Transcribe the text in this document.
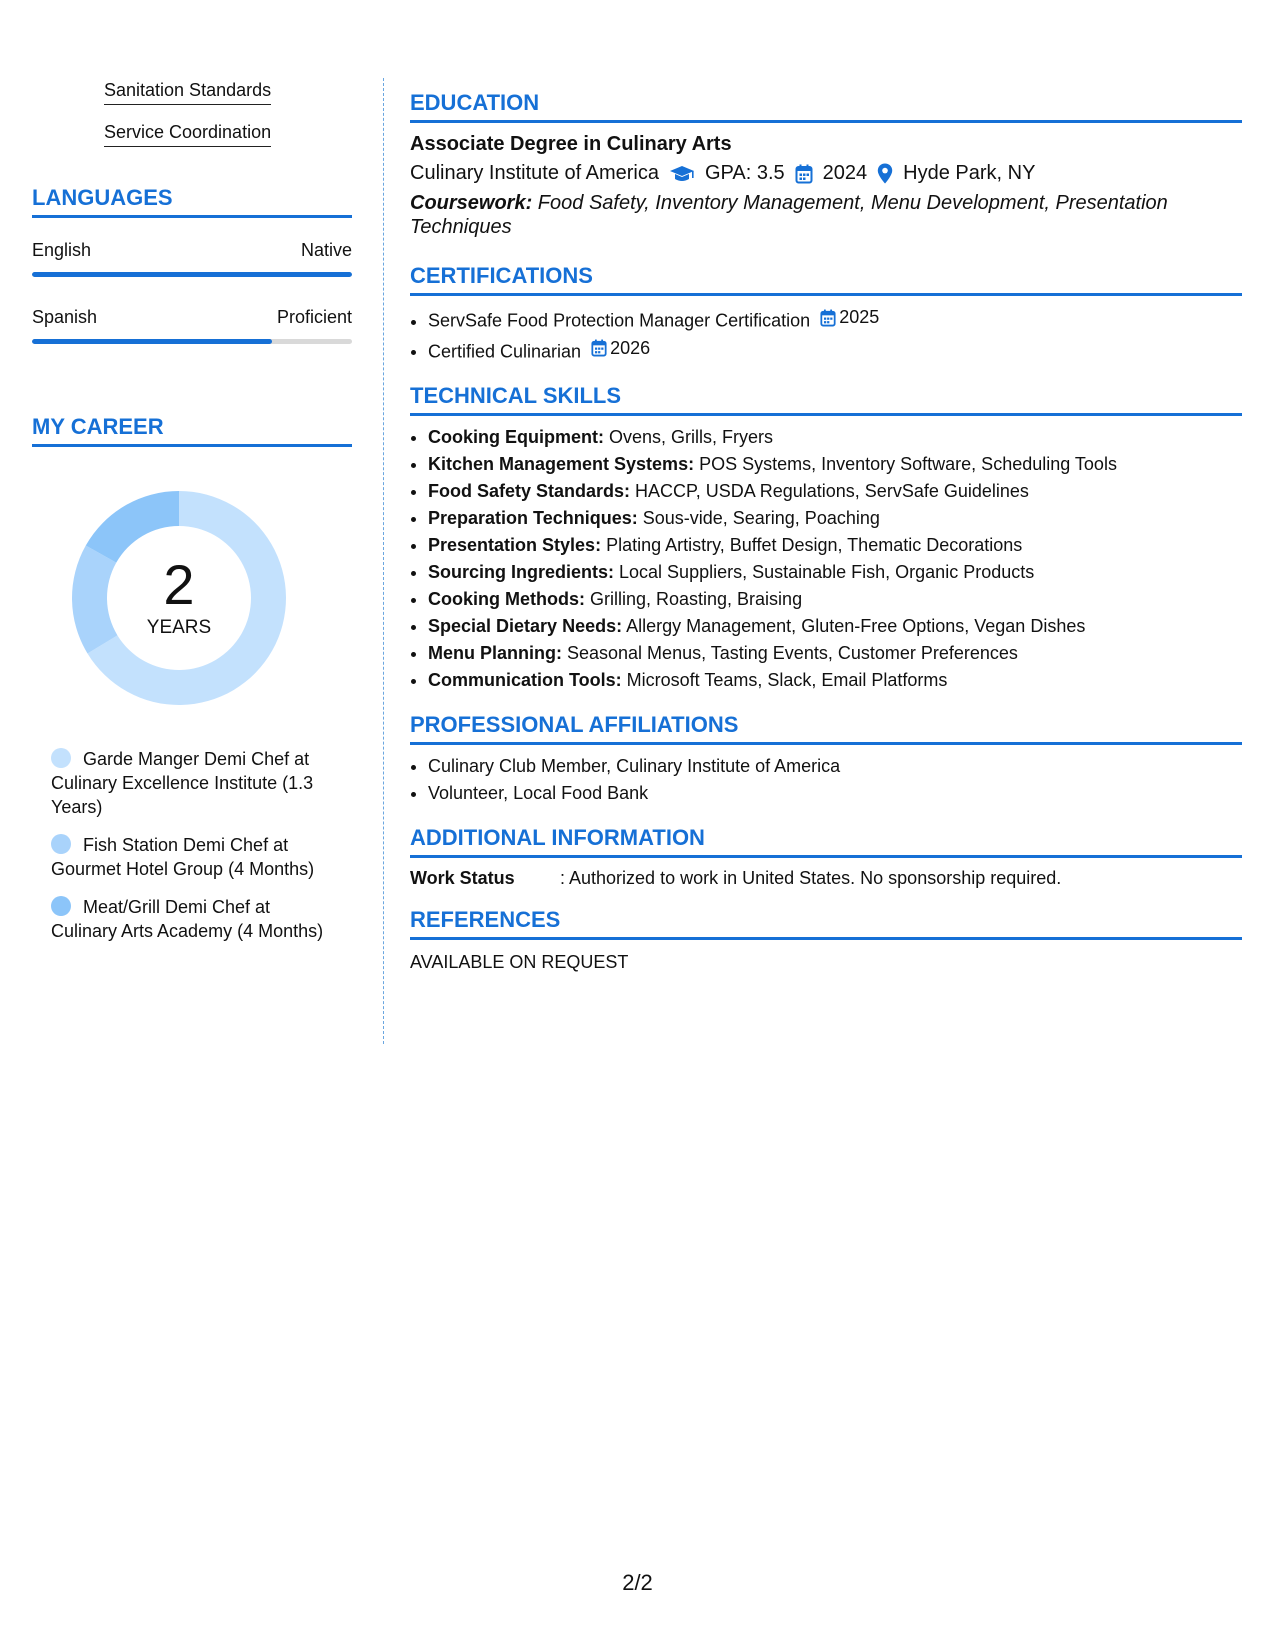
Sanitation Standards
Service Coordination
LANGUAGES
English	Native
Spanish	Proficient
MY CAREER
2
YEARS
Garde Manger Demi Chef at Culinary Excellence Institute (1.3 Years)
Fish Station Demi Chef at Gourmet Hotel Group (4 Months)
Meat/Grill Demi Chef at Culinary Arts Academy (4 Months)
EDUCATION
Associate Degree in Culinary Arts
Culinary Institute of America GPA: 3.5 2024 Hyde Park, NY
Coursework: Food Safety, Inventory Management, Menu Development, Presentation Techniques
CERTIFICATIONS
• ServSafe Food Protection Manager Certification 2025
• Certified Culinarian 2026
TECHNICAL SKILLS
• Cooking Equipment: Ovens, Grills, Fryers
• Kitchen Management Systems: POS Systems, Inventory Software, Scheduling Tools
• Food Safety Standards: HACCP, USDA Regulations, ServSafe Guidelines
• Preparation Techniques: Sous-vide, Searing, Poaching
• Presentation Styles: Plating Artistry, Buffet Design, Thematic Decorations
• Sourcing Ingredients: Local Suppliers, Sustainable Fish, Organic Products
• Cooking Methods: Grilling, Roasting, Braising
• Special Dietary Needs: Allergy Management, Gluten-Free Options, Vegan Dishes
• Menu Planning: Seasonal Menus, Tasting Events, Customer Preferences
• Communication Tools: Microsoft Teams, Slack, Email Platforms
PROFESSIONAL AFFILIATIONS
• Culinary Club Member, Culinary Institute of America
• Volunteer, Local Food Bank
ADDITIONAL INFORMATION
Work Status	: Authorized to work in United States. No sponsorship required.
REFERENCES
AVAILABLE ON REQUEST
2/2
